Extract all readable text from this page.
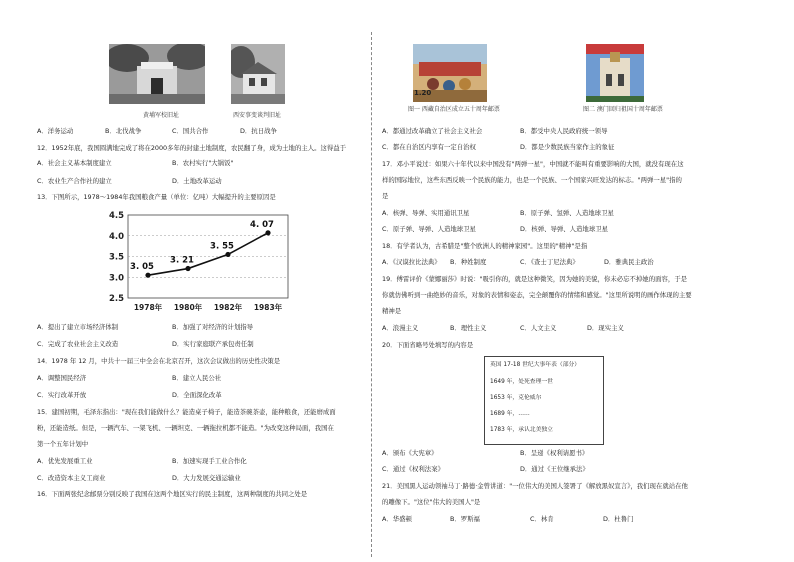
黄埔军校旧址	西安事变谈判旧址
A．洋务运动	B．北伐战争	C．国共合作	D．抗日战争
12．1952年底，我国圆满地完成了将在2000多年的封建土地制度，农民翻了身，成为土地的主人。这得益于
A．社会主义基本制度建立	B．农村实行"大锅饭"
C．农业生产合作社的建立	D．土地改革运动
13．下图所示，1978～1984年我国粮食产量（单位：亿吨）大幅提升的主要原因是
4.5
4.0
3.5
3.0
2.5
1978年 1980年 1982年 1983年
3. 05
3. 21
3. 55
4. 07
A．提出了建立市场经济体制	B．加强了对经济的计划指导
C．完成了农业社会主义改造	D．实行家庭联产承包责任制
14．1978 年 12 月，中共十一届三中全会在北京召开，这次会议做出的历史性决策是
A．调整国民经济	B．建立人民公社
C．实行改革开放	D．全面深化改革
15．建国初期，毛泽东指出："现在我们能做什么？能造桌子椅子，能造茶碗茶壶，能种粮食，还能磨成面
粉，还能造纸。但是，一辆汽车、一架飞机、一辆坦克、一辆拖拉机都不能造。"为改变这种局面，我国在
第一个五年计划中
A．优先发展重工业	B．加速实现手工业合作化
C．改造资本主义工商业	D．大力发展交通运输业
16．下面两张纪念邮票分别反映了我国在这两个地区实行的民主制度，这两种制度的共同之处是
1.20
图一 西藏自治区成立五十周年邮票	图二 澳门回归祖国十周年邮票
A．都通过改革确立了社会主义社会	B．都受中央人民政府统一领导
C．都在自治区内享有一定自治权	D．都是少数民族当家作主的象征
17．邓小平说过：如果六十年代以来中国没有"两弹一星"，中国就不能叫有重要影响的大国，就没有现在这
样的国际地位，这些东西反映一个民族的能力，也是一个民族、一个国家兴旺发达的标志。"两弹一星"指的
是
A．核弹、导弹、实用通讯卫星	B．原子弹、氢弹、人造地球卫星
C．原子弹、导弹、人造地球卫星	D．核弹、导弹、人造地球卫星
18．有学者认为，古希腊是"整个欧洲人的精神家园"。这里的"精神"是指
A．《汉谟拉比法典》 B．种姓制度	C．《查士丁尼法典》	D．雅典民主政治
19．傅雷评价《蒙娜丽莎》时说："吸引你的，就是这种微笑，因为她的美貌，你未必忘不掉她的面容，于是
你就仿佛听到一曲绝妙的音乐，对象的表情和姿态，完全颠覆你的情绪和感觉。"这里所说明的画作体现的主要
精神是
A．浪漫主义	B．理性主义	C．人文主义	D．现实主义
20．下面省略号处填写的内容是
英国 17-18 世纪大事年表（部分）
1649 年，处死查理一世
1653 年，克伦威尔
1689 年，……
1783 年，承认北美独立
A．颁布《大宪章》	B．呈递《权利请愿书》
C．通过《权利法案》	D．通过《王位继承法》
21．美国黑人运动领袖马丁·路德·金曾讲道："一位伟大的美国人签署了《解放黑奴宣言》，我们现在就站在他
的雕像下。"这位"伟大的美国人"是
A．华盛顿	B．罗斯福	C．林肯	D．杜鲁门
